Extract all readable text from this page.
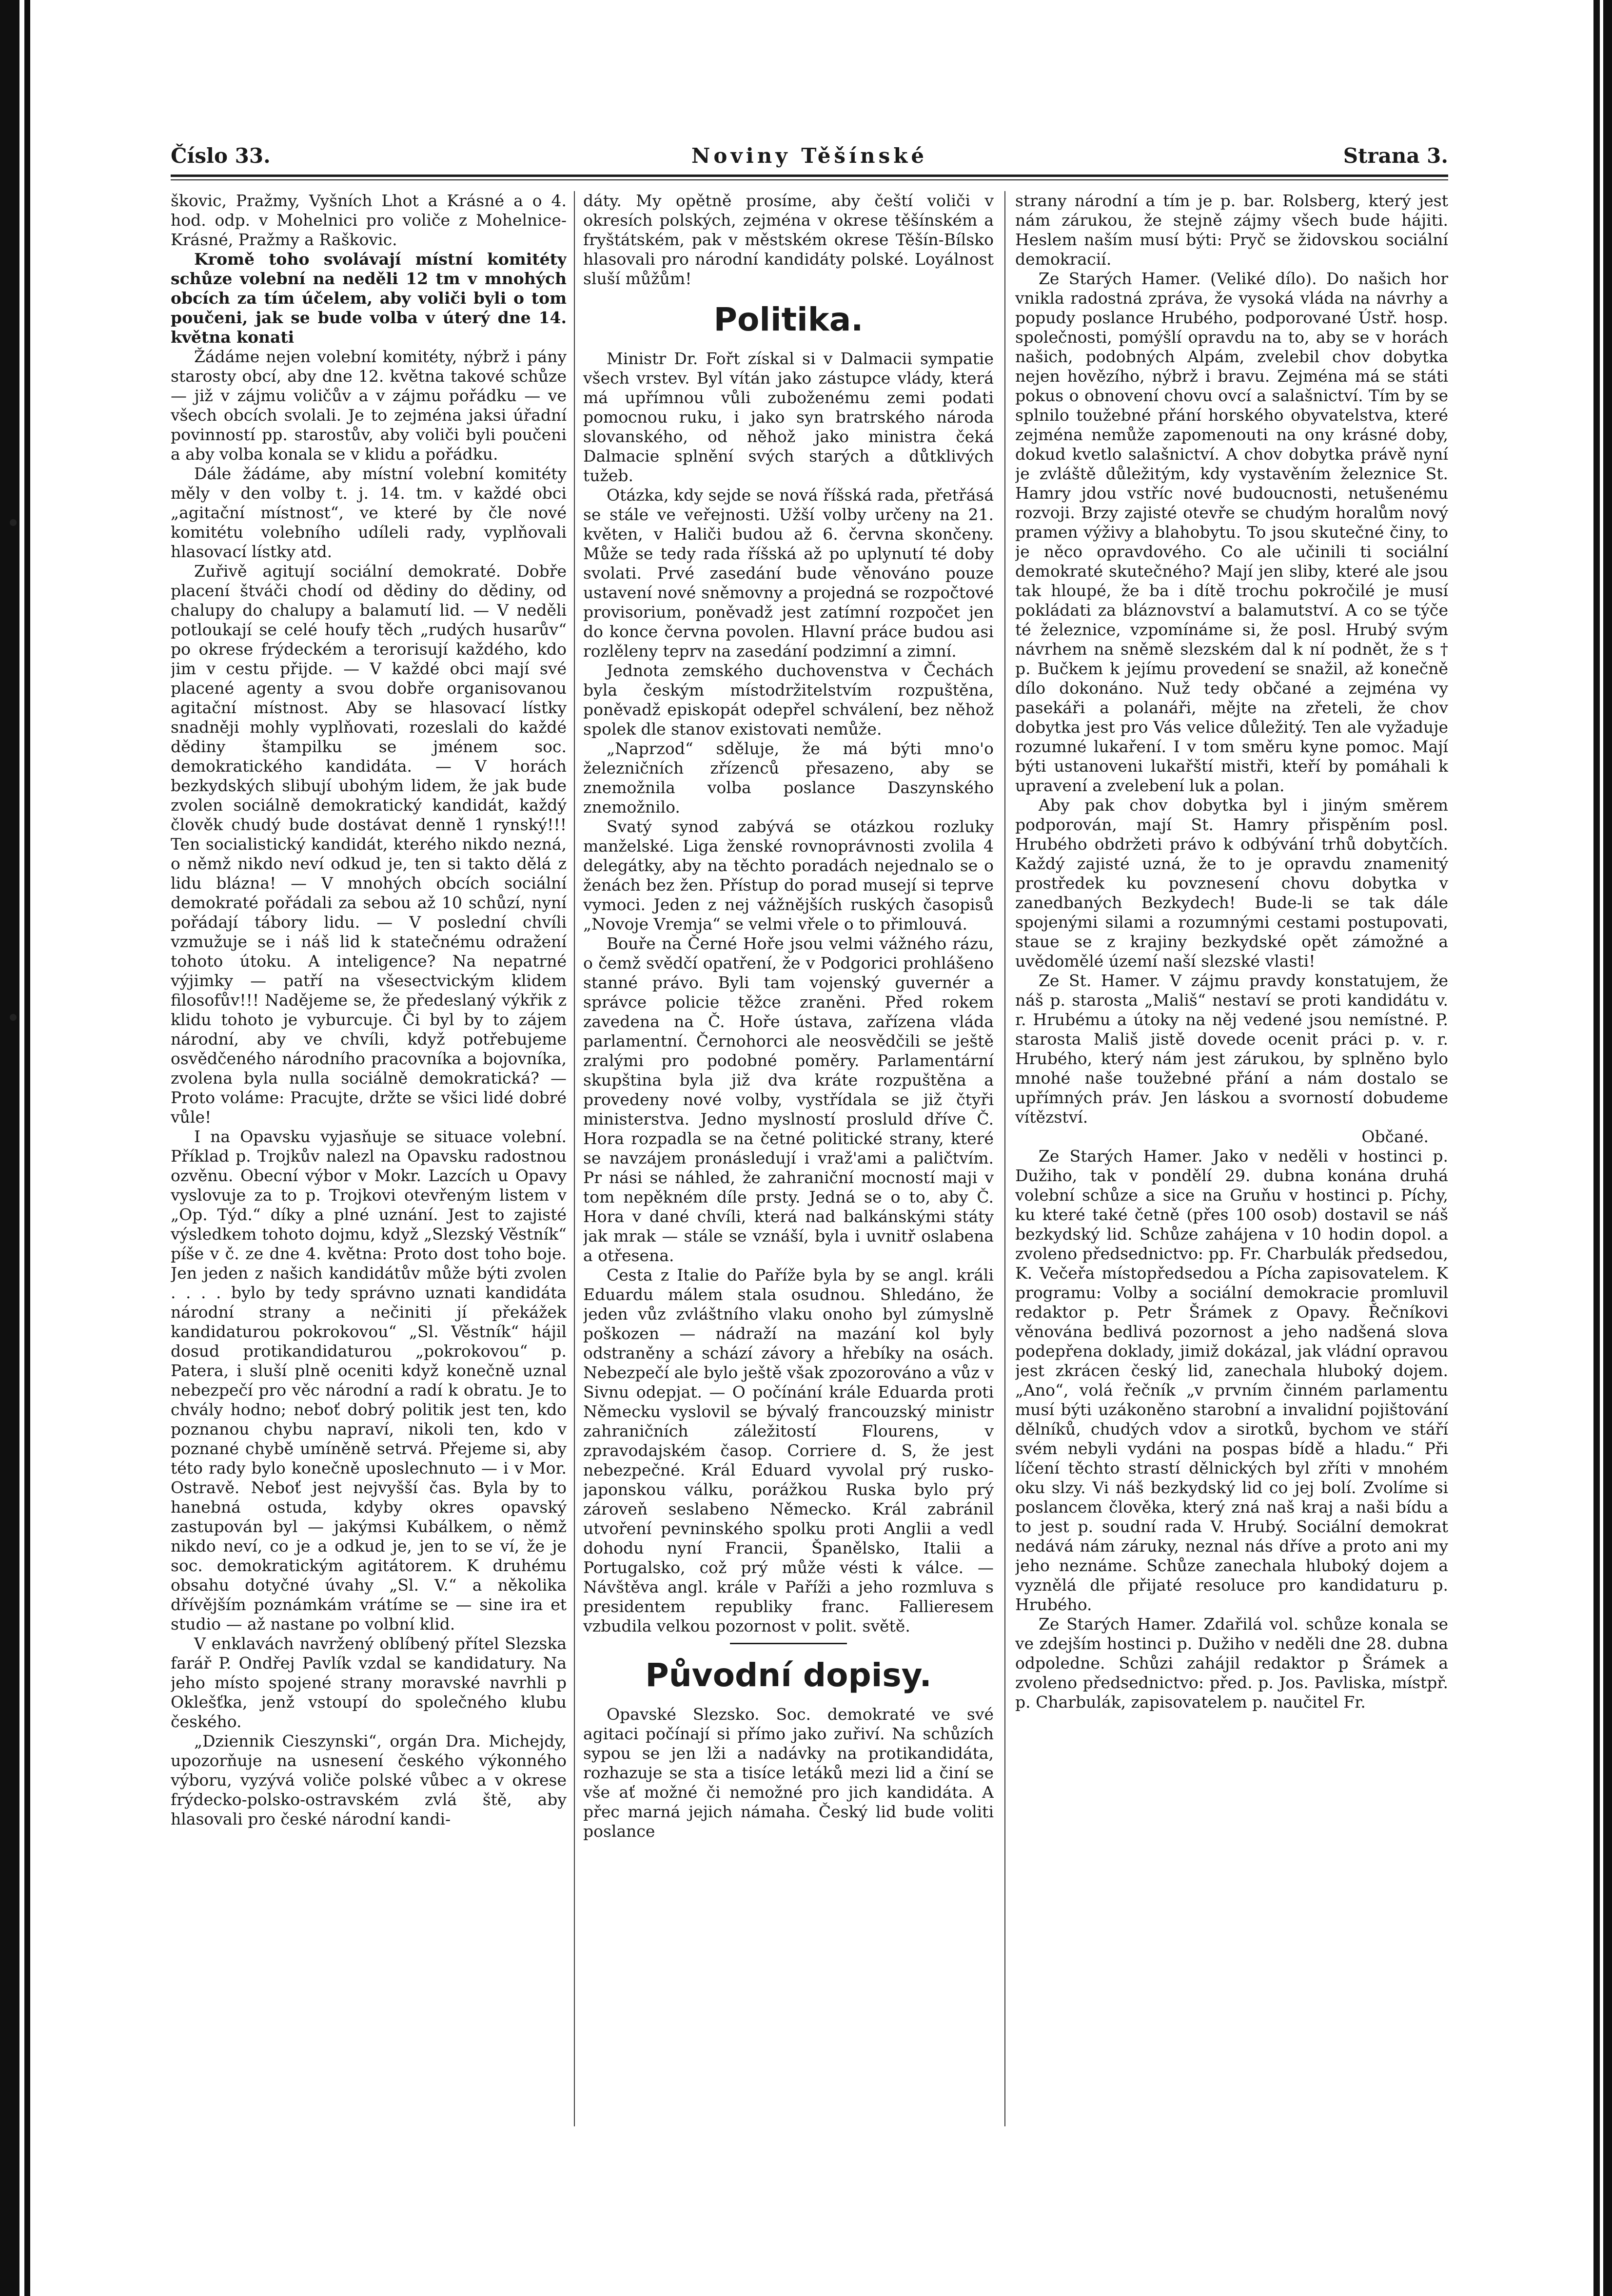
Noviny Těšínské
Číslo 33.	Strana 3.

škovic, Pražmy, Vyšních Lhot a Krásné a o 4. hod. odp. v Mohelnici pro voliče z Mohelnice-Krásné, Pražmy a Raškovic.

Kromě toho svolávají místní komitéty schůze volební na neděli 12 tm v mnohých obcích za tím účelem, aby voliči byli o tom poučeni, jak se bude volba v úterý dne 14. května konati

Žádáme nejen volební komitéty, nýbrž i pány starosty obcí, aby dne 12. května takové schůze — již v zájmu voličův a v zájmu pořádku — ve všech obcích svolali. Je to zejména jaksi úřadní povinností pp. starostův, aby voliči byli poučeni a aby volba konala se v klidu a pořádku.

Dále žádáme, aby místní volební komitéty měly v den volby t. j. 14. tm. v každé obci „agitační místnost“, ve které by čle nové komitétu volebního udíleli rady, vyplňovali hlasovací lístky atd.

Zuřivě agitují sociální demokraté. Dobře placení štváči chodí od dědiny do dědiny, od chalupy do chalupy a balamutí lid. — V neděli potloukají se celé houfy těch „rudých husarův“ po okrese frýdeckém a terorisují každého, kdo jim v cestu přijde. — V každé obci mají své placené agenty a svou dobře organisovanou agitační místnost. Aby se hlasovací lístky snadněji mohly vyplňovati, rozeslali do každé dědiny štampilku se jménem soc. demokratického kandidáta. — V horách bezkydských slibují ubohým lidem, že jak bude zvolen sociálně demokratický kandidát, každý člověk chudý bude dostávat denně 1 rynský!!! Ten socialistický kandidát, kterého nikdo nezná, o němž nikdo neví odkud je, ten si takto dělá z lidu blázna! — V mnohých obcích sociální demokraté pořádali za sebou až 10 schůzí, nyní pořádají tábory lidu. — V poslední chvíli vzmužuje se i náš lid k statečnému odražení tohoto útoku. A inteligence? Na nepatrné výjimky — patří na všesectvickým klidem filosofův!!! Nadějeme se, že předeslaný výkřik z klidu tohoto je vyburcuje. Či byl by to zájem národní, aby ve chvíli, když potřebujeme osvědčeného národního pracovníka a bojovníka, zvolena byla nulla sociálně demokratická? — Proto voláme: Pracujte, držte se všici lidé dobré vůle!

I na Opavsku vyjasňuje se situace volební. Příklad p. Trojkův nalezl na Opavsku radostnou ozvěnu. Obecní výbor v Mokr. Lazcích u Opavy vyslovuje za to p. Trojkovi otevřeným listem v „Op. Týd.“ díky a plné uznání. Jest to zajisté výsledkem tohoto dojmu, když „Slezský Věstník“ píše v č. ze dne 4. května: Proto dost toho boje. Jen jeden z našich kandidátův může býti zvolen . . . . bylo by tedy správno uznati kandidáta národní strany a nečiniti jí překážek kandidaturou pokrokovou“ „Sl. Věstník“ hájil dosud protikandidaturou „pokrokovou“ p. Patera, i sluší plně oceniti když konečně uznal nebezpečí pro věc národní a radí k obratu. Je to chvály hodno; neboť dobrý politik jest ten, kdo poznanou chybu napraví, nikoli ten, kdo v poznané chybě umíněně setrvá. Přejeme si, aby této rady bylo konečně uposlechnuto — i v Mor. Ostravě. Neboť jest nejvyšší čas. Byla by to hanebná ostuda, kdyby okres opavský zastupován byl — jakýmsi Kubálkem, o němž nikdo neví, co je a odkud je, jen to se ví, že je soc. demokratickým agitátorem. K druhému obsahu dotyčné úvahy „Sl. V.“ a několika dřívějším poznámkám vrátíme se — sine ira et studio — až nastane po volbní klid.

V enklavách navržený oblíbený přítel Slezska farář P. Ondřej Pavlík vzdal se kandidatury. Na jeho místo spojené strany moravské navrhli p Oklešťka, jenž vstoupí do společného klubu českého.

„Dziennik Cieszynski“, orgán Dra. Michejdy, upozorňuje na usnesení českého výkonného výboru, vyzývá voliče polské vůbec a v okrese frýdecko-polsko-ostravském zvlá ště, aby hlasovali pro české národní kandi-

dáty. My opětně prosíme, aby čeští voliči v okresích polských, zejména v okrese těšínském a fryštátském, pak v městském okrese Těšín-Bílsko hlasovali pro národní kandidáty polské. Loyálnost sluší můžům!

Politika.

Ministr Dr. Fořt získal si v Dalmacii sympatie všech vrstev. Byl vítán jako zástupce vlády, která má upřímnou vůli zuboženému zemi podati pomocnou ruku, i jako syn bratrského národa slovanského, od něhož jako ministra čeká Dalmacie splnění svých starých a důtklivých tužeb.

Otázka, kdy sejde se nová říšská rada, přetřásá se stále ve veřejnosti. Užší volby určeny na 21. květen, v Haliči budou až 6. června skončeny. Může se tedy rada říšská až po uplynutí té doby svolati. Prvé zasedání bude věnováno pouze ustavení nové sněmovny a projedná se rozpočtové provisorium, poněvadž jest zatímní rozpočet jen do konce června povolen. Hlavní práce budou asi rozlěleny teprv na zasedání podzimní a zimní.

Jednota zemského duchovenstva v Čechách byla českým místodržitelstvím rozpuštěna, poněvadž episkopát odepřel schválení, bez něhož spolek dle stanov existovati nemůže.

„Naprzod“ sděluje, že má býti mno'o železničních zřízenců přesazeno, aby se znemožnila volba poslance Daszynského znemožnilo.

Svatý synod zabývá se otázkou rozluky manželské. Liga ženské rovnoprávnosti zvolila 4 delegátky, aby na těchto poradách nejednalo se o ženách bez žen. Přístup do porad musejí si teprve vymoci. Jeden z nej vážnějších ruských časopisů „Novoje Vremja“ se velmi vřele o to přimlouvá.

Bouře na Černé Hoře jsou velmi vážného rázu, o čemž svědčí opatření, že v Podgorici prohlášeno stanné právo. Byli tam vojenský guvernér a správce policie těžce zraněni. Před rokem zavedena na Č. Hoře ústava, zařízena vláda parlamentní. Černohorci ale neosvědčili se ještě zralými pro podobné poměry. Parlamentární skupština byla již dva kráte rozpuštěna a provedeny nové volby, vystřídala se již čtyři ministerstva. Jedno myslností prosluld dříve Č. Hora rozpadla se na četné politické strany, které se navzájem pronásledují i vraž'ami a paličtvím. Pr nási se náhled, že zahraniční mocností maji v tom nepěkném díle prsty. Jedná se o to, aby Č. Hora v dané chvíli, která nad balkánskými státy jak mrak — stále se vznáší, byla i uvnitř oslabena a otřesena.

Cesta z Italie do Paříže byla by se angl. králi Eduardu málem stala osudnou. Shledáno, že jeden vůz zvláštního vlaku onoho byl zúmyslně poškozen — nádraží na mazání kol byly odstraněny a schází závory a hřebíky na osách. Nebezpečí ale bylo ještě však zpozorováno a vůz v Sivnu odepjat. — O počínání krále Eduarda proti Německu vyslovil se bývalý francouzský ministr zahraničních záležitostí Flourens, v zpravodajském časop. Corriere d. S, že jest nebezpečné. Král Eduard vyvolal prý rusko-japonskou válku, porážkou Ruska bylo prý zároveň seslabeno Německo. Král zabránil utvoření pevninského spolku proti Anglii a vedl dohodu nyní Francii, Španělsko, Italii a Portugalsko, což prý může vésti k válce. — Návštěva angl. krále v Paříži a jeho rozmluva s presidentem republiky franc. Fallieresem vzbudila velkou pozornost v polit. světě.

Původní dopisy.

Opavské Slezsko. Soc. demokraté ve své agitaci počínají si přímo jako zuřiví. Na schůzích sypou se jen lži a nadávky na protikandidáta, rozhazuje se sta a tisíce letáků mezi lid a činí se vše ať možné či nemožné pro jich kandidáta. A přec marná jejich námaha. Český lid bude voliti poslance

strany národní a tím je p. bar. Rolsberg, který jest nám zárukou, že stejně zájmy všech bude hájiti. Heslem naším musí býti: Pryč se židovskou sociální demokracií.

Ze Starých Hamer. (Veliké dílo). Do našich hor vnikla radostná zpráva, že vysoká vláda na návrhy a popudy poslance Hrubého, podporované Ústř. hosp. společnosti, pomýšlí opravdu na to, aby se v horách našich, podobných Alpám, zvelebil chov dobytka nejen hovězího, nýbrž i bravu. Zejména má se státi pokus o obnovení chovu ovcí a salašnictví. Tím by se splnilo toužebné přání horského obyvatelstva, které zejména nemůže zapomenouti na ony krásné doby, dokud kvetlo salašnictví. A chov dobytka právě nyní je zvláště důležitým, kdy vystavěním železnice St. Hamry jdou vstříc nové budoucnosti, netušenému rozvoji. Brzy zajisté otevře se chudým horalům nový pramen výživy a blahobytu. To jsou skutečné činy, to je něco opravdového. Co ale učinili ti sociální demokraté skutečného? Mají jen sliby, které ale jsou tak hloupé, že ba i dítě trochu pokročilé je musí pokládati za bláznovství a balamutství. A co se týče té železnice, vzpomínáme si, že posl. Hrubý svým návrhem na sněmě slezském dal k ní podnět, že s † p. Bučkem k jejímu provedení se snažil, až konečně dílo dokonáno. Nuž tedy občané a zejména vy pasekáři a polanáři, mějte na zřeteli, že chov dobytka jest pro Vás velice důležitý. Ten ale vyžaduje rozumné lukaření. I v tom směru kyne pomoc. Mají býti ustanoveni lukařští mistři, kteří by pomáhali k upravení a zvelebení luk a polan.

Aby pak chov dobytka byl i jiným směrem podporován, mají St. Hamry přispěním posl. Hrubého obdržeti právo k odbývání trhů dobytčích. Každý zajisté uzná, že to je opravdu znamenitý prostředek ku povznesení chovu dobytka v zanedbaných Bezkydech! Bude-li se tak dále spojenými silami a rozumnými cestami postupovati, staue se z krajiny bezkydské opět zámožné a uvědomělé území naší slezské vlasti!

Ze St. Hamer. V zájmu pravdy konstatujem, že náš p. starosta „Mališ“ nestaví se proti kandidátu v. r. Hrubému a útoky na něj vedené jsou nemístné. P. starosta Mališ jistě dovede ocenit práci p. v. r. Hrubého, který nám jest zárukou, by splněno bylo mnohé naše toužebné přání a nám dostalo se upřímných práv. Jen láskou a svorností dobudeme vítězství.

Občané.

Ze Starých Hamer. Jako v neděli v hostinci p. Dužiho, tak v pondělí 29. dubna konána druhá volební schůze a sice na Gruňu v hostinci p. Píchy, ku které také četně (přes 100 osob) dostavil se náš bezkydský lid. Schůze zahájena v 10 hodin dopol. a zvoleno předsednictvo: pp. Fr. Charbulák předsedou, K. Večeřa místopředsedou a Pícha zapisovatelem. K programu: Volby a sociální demokracie promluvil redaktor p. Petr Šrámek z Opavy. Řečníkovi věnována bedlivá pozornost a jeho nadšená slova podepřena doklady, jimiž dokázal, jak vládní opravou jest zkrácen český lid, zanechala hluboký dojem. „Ano“, volá řečník „v prvním činném parlamentu musí býti uzákoněno starobní a invalidní pojištování dělníků, chudých vdov a sirotků, bychom ve stáří svém nebyli vydáni na pospas bídě a hladu.“ Při líčení těchto strastí dělnických byl zříti v mnohém oku slzy. Vi náš bezkydský lid co jej bolí. Zvolíme si poslancem člověka, který zná naš kraj a naši bídu a to jest p. soudní rada V. Hrubý. Sociální demokrat nedává nám záruky, neznal nás dříve a proto ani my jeho neznáme. Schůze zanechala hluboký dojem a vyznělá dle přijaté resoluce pro kandidaturu p. Hrubého.

Ze Starých Hamer. Zdařilá vol. schůze konala se ve zdejším hostinci p. Dužiho v neděli dne 28. dubna odpoledne. Schůzi zahájil redaktor p Šrámek a zvoleno předsednictvo: před. p. Jos. Pavliska, místpř. p. Charbulák, zapisovatelem p. naučitel Fr.
